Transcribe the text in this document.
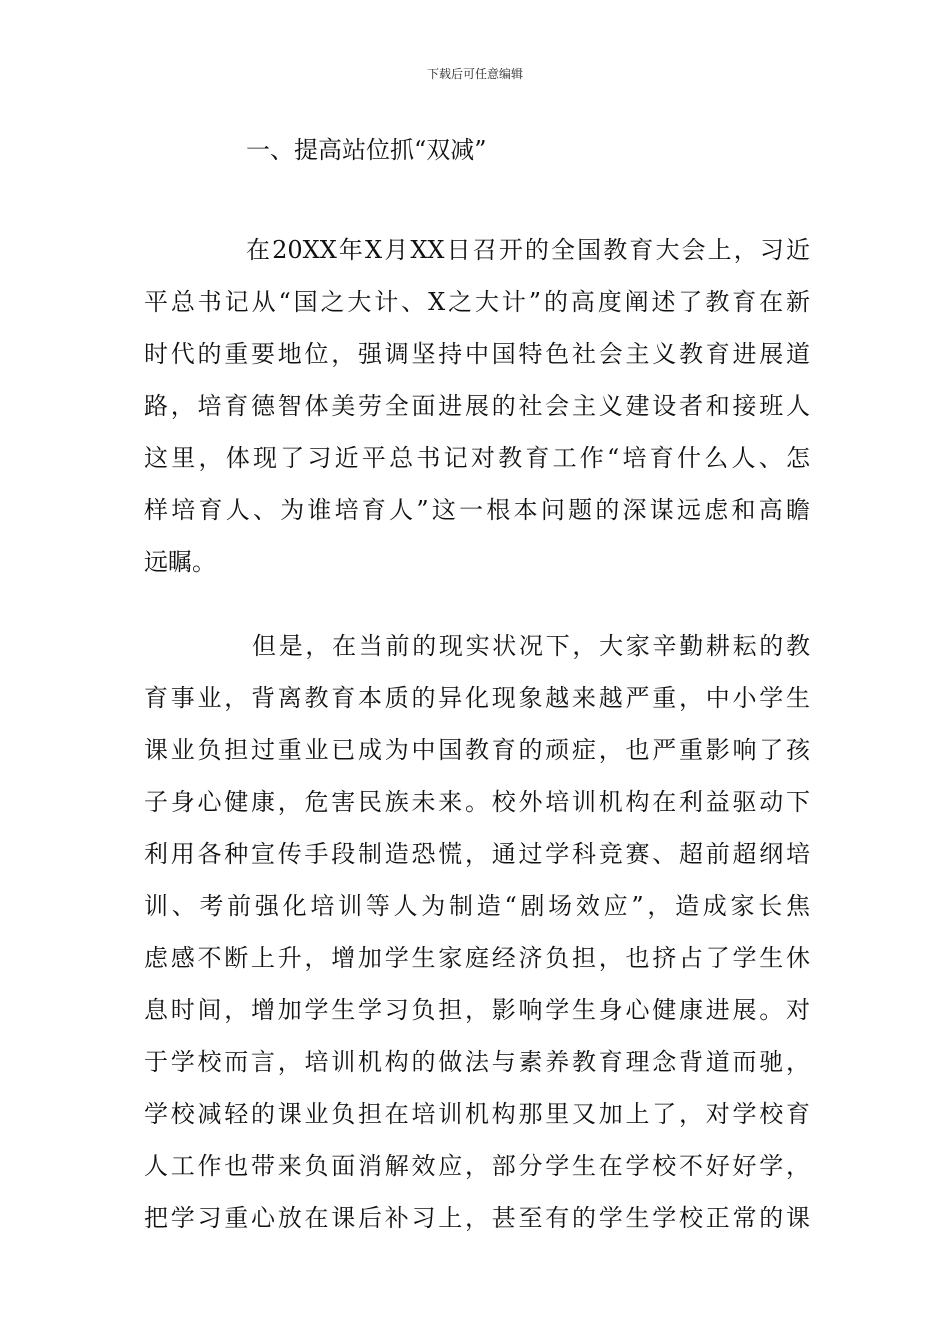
下载后可任意编辑
一、提高站位抓“双减”
在20XX年X月XX日召开的全国教育大会上，习近
平总书记从“国之大计、X之大计”的高度阐述了教育在新
时代的重要地位，强调坚持中国特色社会主义教育进展道
路，培育德智体美劳全面进展的社会主义建设者和接班人
这里，体现了习近平总书记对教育工作“培育什么人、怎
样培育人、为谁培育人”这一根本问题的深谋远虑和高瞻
远瞩。
但是，在当前的现实状况下，大家辛勤耕耘的教
育事业，背离教育本质的异化现象越来越严重，中小学生
课业负担过重业已成为中国教育的顽症，也严重影响了孩
子身心健康，危害民族未来。校外培训机构在利益驱动下
利用各种宣传手段制造恐慌，通过学科竞赛、超前超纲培
训、考前强化培训等人为制造“剧场效应”，造成家长焦
虑感不断上升，增加学生家庭经济负担，也挤占了学生休
息时间，增加学生学习负担，影响学生身心健康进展。对
于学校而言，培训机构的做法与素养教育理念背道而驰，
学校减轻的课业负担在培训机构那里又加上了，对学校育
人工作也带来负面消解效应，部分学生在学校不好好学，
把学习重心放在课后补习上，甚至有的学生学校正常的课
